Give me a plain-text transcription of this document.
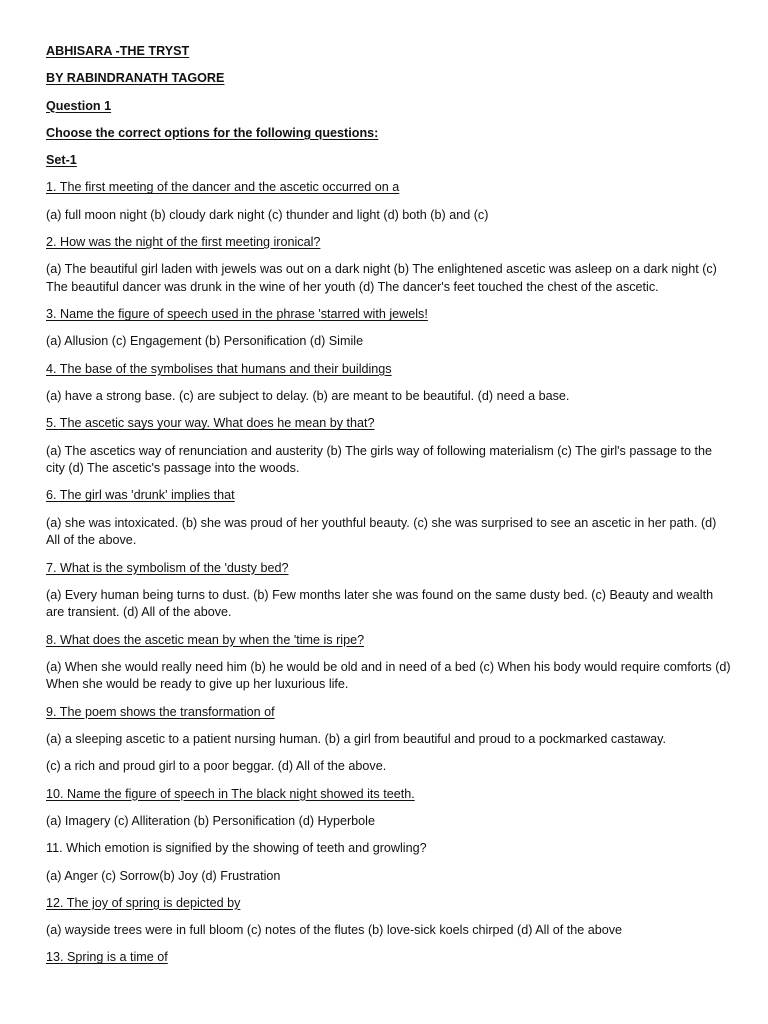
ABHISARA -THE TRYST
BY RABINDRANATH TAGORE
Question 1
Choose the correct options for the following questions:
Set-1
1. The first meeting of the dancer and the ascetic occurred on a
(a) full moon night (b) cloudy dark night (c) thunder and light (d) both (b) and (c)
2. How was the night of the first meeting ironical?
(a) The beautiful girl laden with jewels was out on a dark night (b) The enlightened ascetic was asleep on a dark night (c) The beautiful dancer was drunk in the wine of her youth (d) The dancer's feet touched the chest of the ascetic.
3. Name the figure of speech used in the phrase 'starred with jewels!
(a) Allusion (c) Engagement (b) Personification (d) Simile
4. The base of the symbolises that humans and their buildings
(a) have a strong base. (c) are subject to delay. (b) are meant to be beautiful. (d) need a base.
5. The ascetic says your way. What does he mean by that?
(a) The ascetics way of renunciation and austerity (b) The girls way of following materialism (c) The girl's passage to the city (d) The ascetic's passage into the woods.
6. The girl was 'drunk' implies that
(a) she was intoxicated. (b) she was proud of her youthful beauty. (c) she was surprised to see an ascetic in her path. (d) All of the above.
7. What is the symbolism of the 'dusty bed?
(a) Every human being turns to dust. (b) Few months later she was found on the same dusty bed. (c) Beauty and wealth are transient. (d) All of the above.
8. What does the ascetic mean by when the 'time is ripe?
(a) When she would really need him (b) he would be old and in need of a bed (c) When his body would require comforts (d) When she would be ready to give up her luxurious life.
9. The poem shows the transformation of
(a) a sleeping ascetic to a patient nursing human. (b) a girl from beautiful and proud to a pockmarked castaway.
(c) a rich and proud girl to a poor beggar. (d) All of the above.
10. Name the figure of speech in The black night showed its teeth.
(a) Imagery (c) Alliteration (b) Personification (d) Hyperbole
11. Which emotion is signified by the showing of teeth and growling?
(a) Anger (c) Sorrow(b) Joy (d) Frustration
12. The joy of spring is depicted by
(a) wayside trees were in full bloom (c) notes of the flutes (b) love-sick koels chirped (d) All of the above
13. Spring is a time of
